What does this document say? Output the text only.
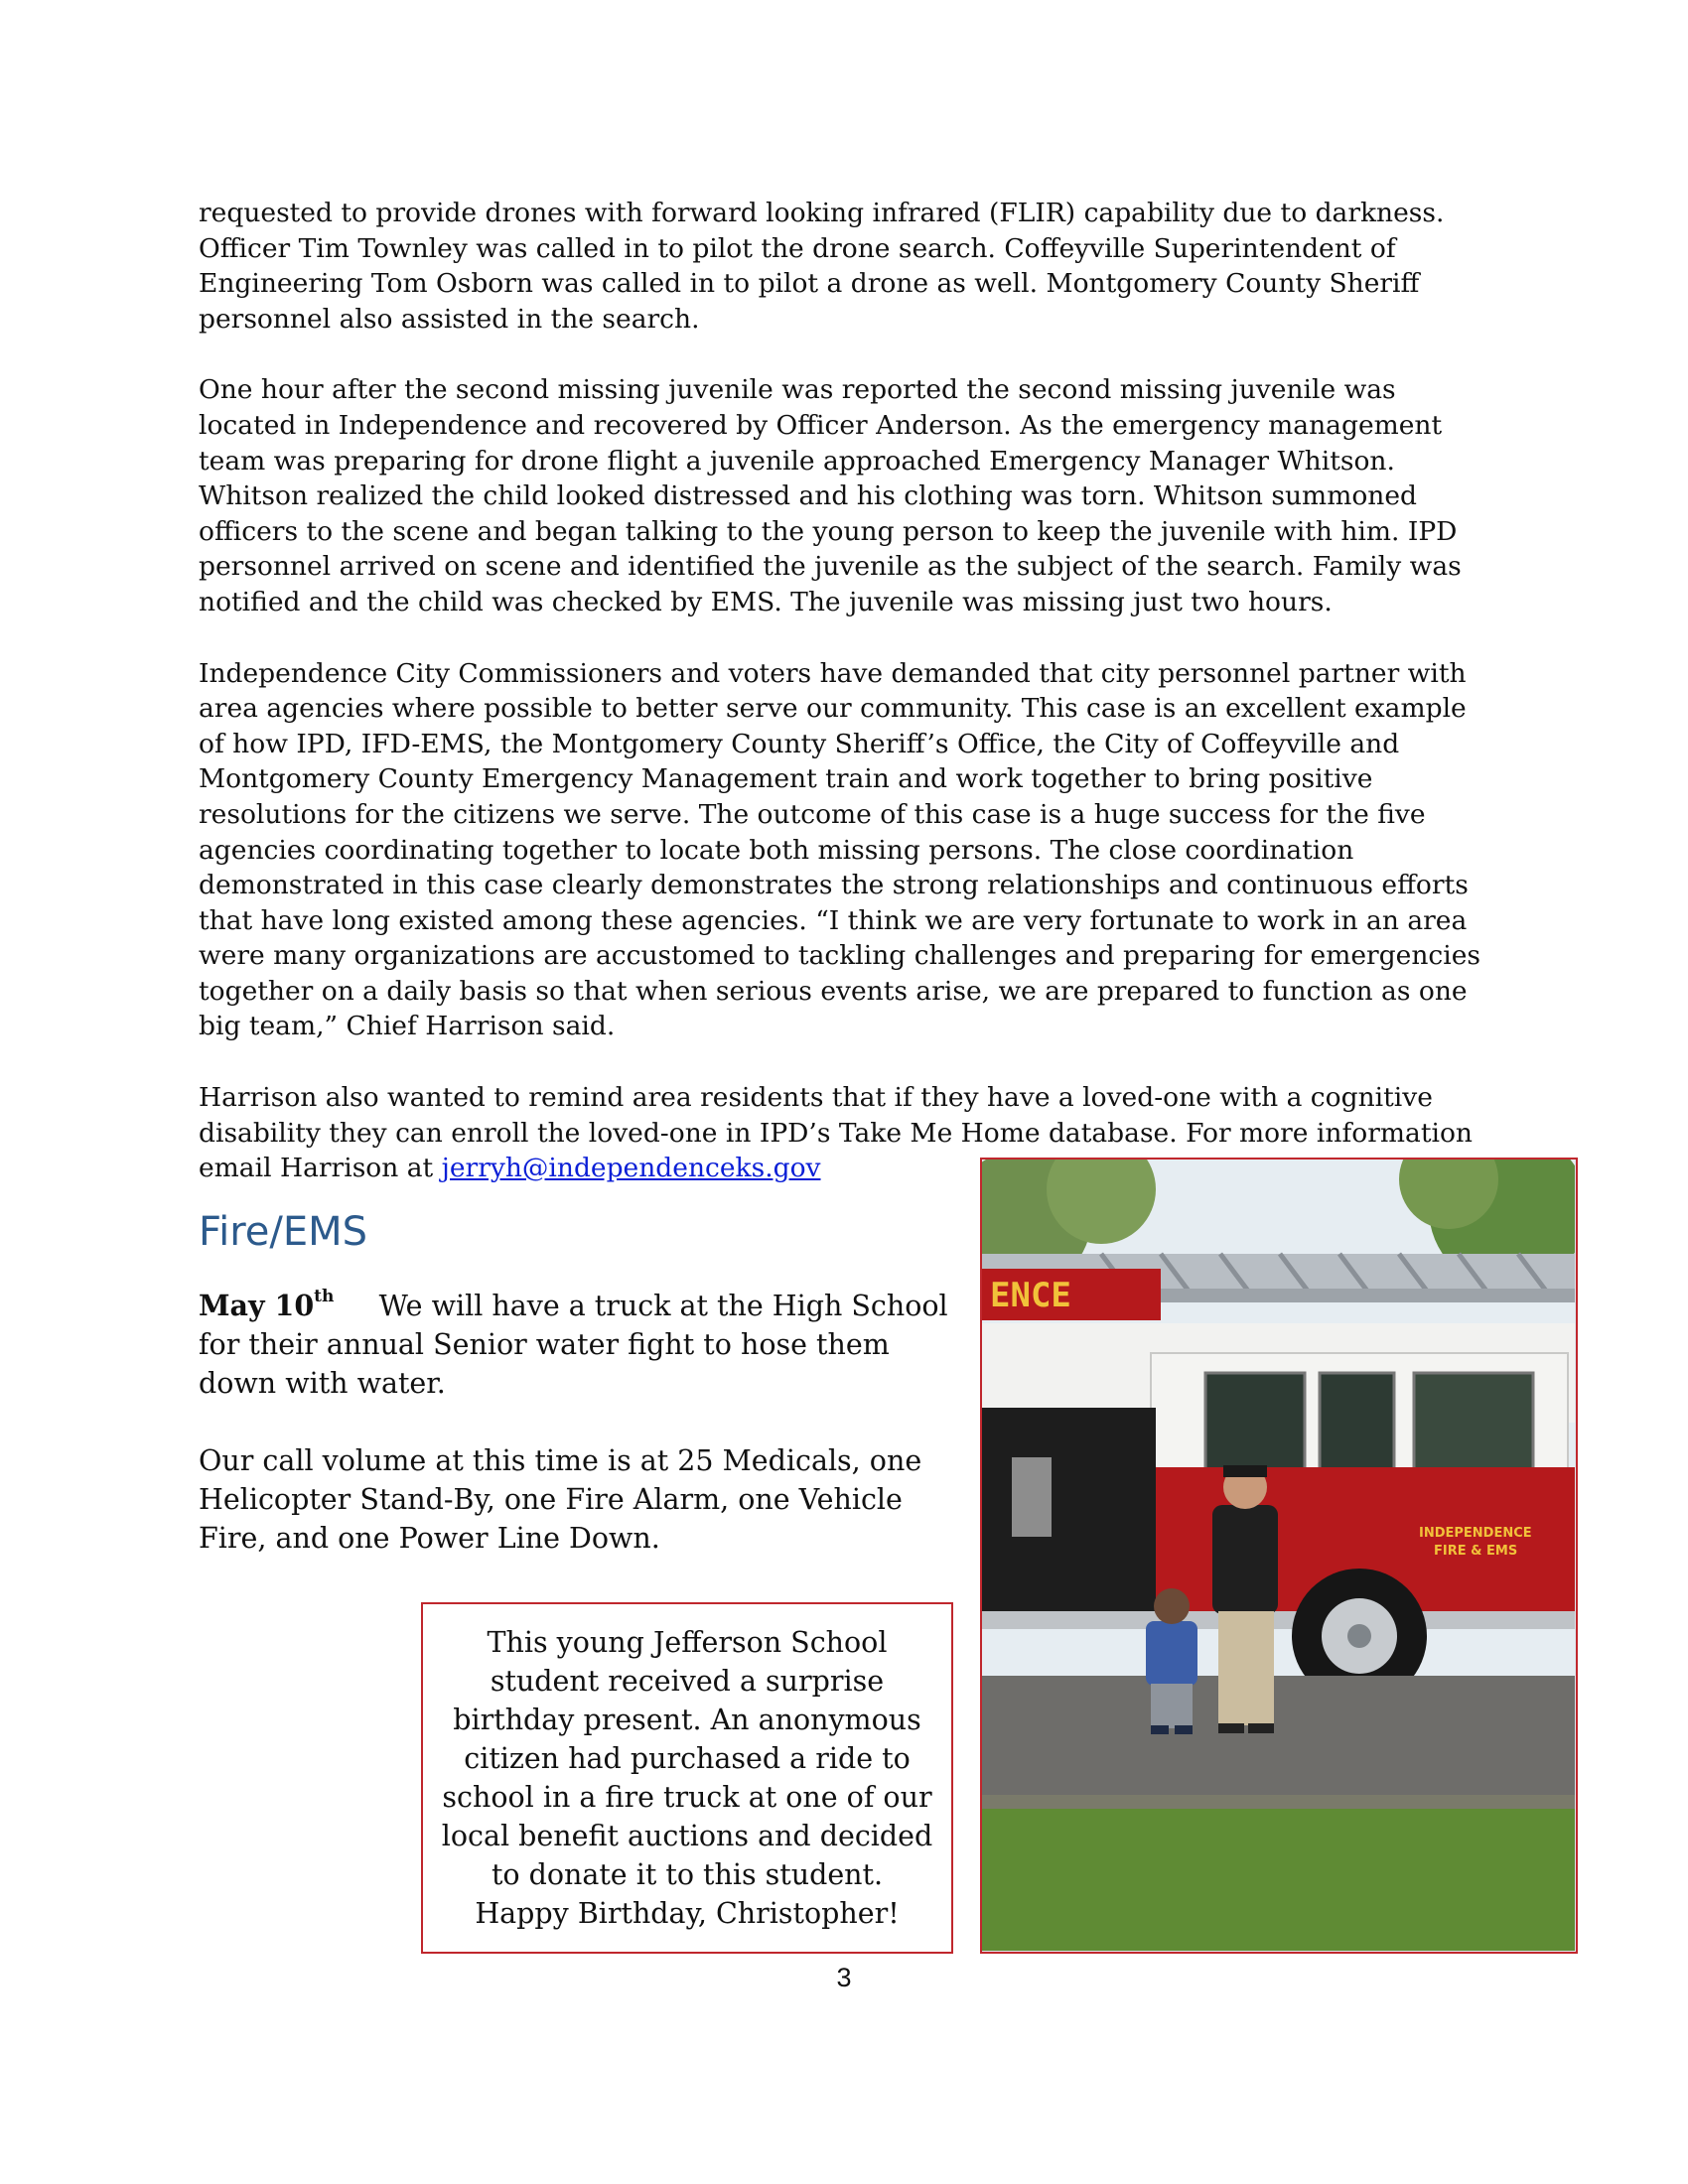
requested to provide drones with forward looking infrared (FLIR) capability due to darkness. Officer Tim Townley was called in to pilot the drone search. Coffeyville Superintendent of Engineering Tom Osborn was called in to pilot a drone as well. Montgomery County Sheriff personnel also assisted in the search.

One hour after the second missing juvenile was reported the second missing juvenile was located in Independence and recovered by Officer Anderson. As the emergency management team was preparing for drone flight a juvenile approached Emergency Manager Whitson. Whitson realized the child looked distressed and his clothing was torn. Whitson summoned officers to the scene and began talking to the young person to keep the juvenile with him. IPD personnel arrived on scene and identified the juvenile as the subject of the search. Family was notified and the child was checked by EMS. The juvenile was missing just two hours.

Independence City Commissioners and voters have demanded that city personnel partner with area agencies where possible to better serve our community. This case is an excellent example of how IPD, IFD-EMS, the Montgomery County Sheriff’s Office, the City of Coffeyville and Montgomery County Emergency Management train and work together to bring positive resolutions for the citizens we serve. The outcome of this case is a huge success for the five agencies coordinating together to locate both missing persons. The close coordination demonstrated in this case clearly demonstrates the strong relationships and continuous efforts that have long existed among these agencies. “I think we are very fortunate to work in an area were many organizations are accustomed to tackling challenges and preparing for emergencies together on a daily basis so that when serious events arise, we are prepared to function as one big team,” Chief Harrison said.

Harrison also wanted to remind area residents that if they have a loved-one with a cognitive disability they can enroll the loved-one in IPD’s Take Me Home database. For more information email Harrison at jerryh@independenceks.gov

Fire/EMS

May 10th     We will have a truck at the High School for their annual Senior water fight to hose them down with water.

Our call volume at this time is at 25 Medicals, one Helicopter Stand-By, one Fire Alarm, one Vehicle Fire, and one Power Line Down.

This young Jefferson School
student received a surprise
birthday present. An anonymous
citizen had purchased a ride to
school in a fire truck at one of our
local benefit auctions and decided
to donate it to this student.
Happy Birthday, Christopher!

ENCE
INDEPENDENCE
FIRE & EMS
3
